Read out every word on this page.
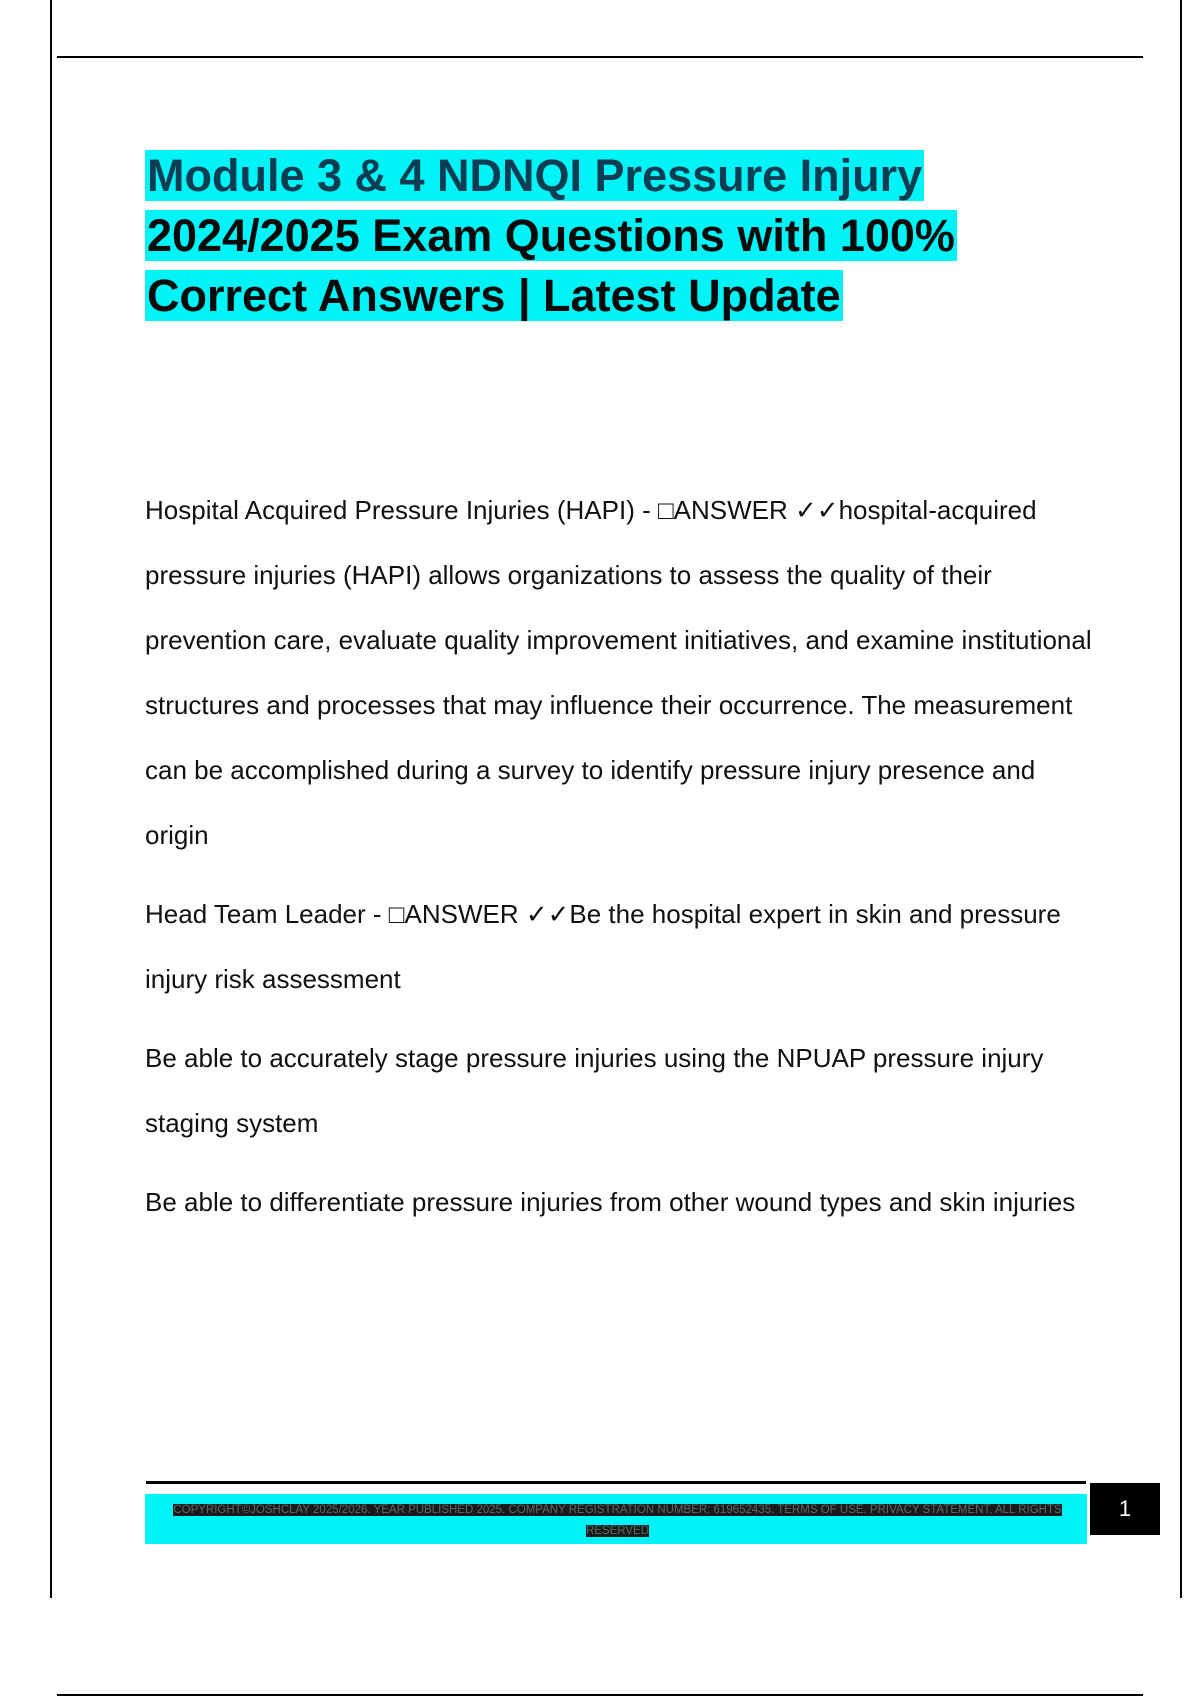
Module 3 & 4 NDNQI Pressure Injury
2024/2025 Exam Questions with 100%
Correct Answers | Latest Update

Hospital Acquired Pressure Injuries (HAPI) - □ANSWER ✓✓hospital-acquired pressure injuries (HAPI) allows organizations to assess the quality of their prevention care, evaluate quality improvement initiatives, and examine institutional structures and processes that may influence their occurrence. The measurement can be accomplished during a survey to identify pressure injury presence and origin

Head Team Leader - □ANSWER ✓✓Be the hospital expert in skin and pressure injury risk assessment

Be able to accurately stage pressure injuries using the NPUAP pressure injury staging system

Be able to differentiate pressure injuries from other wound types and skin injuries

COPYRIGHT©JOSHCLAY 2025/2026. YEAR PUBLISHED 2025. COMPANY REGISTRATION NUMBER: 619652435. TERMS OF USE. PRIVACY STATEMENT. ALL RIGHTS RESERVED
1
